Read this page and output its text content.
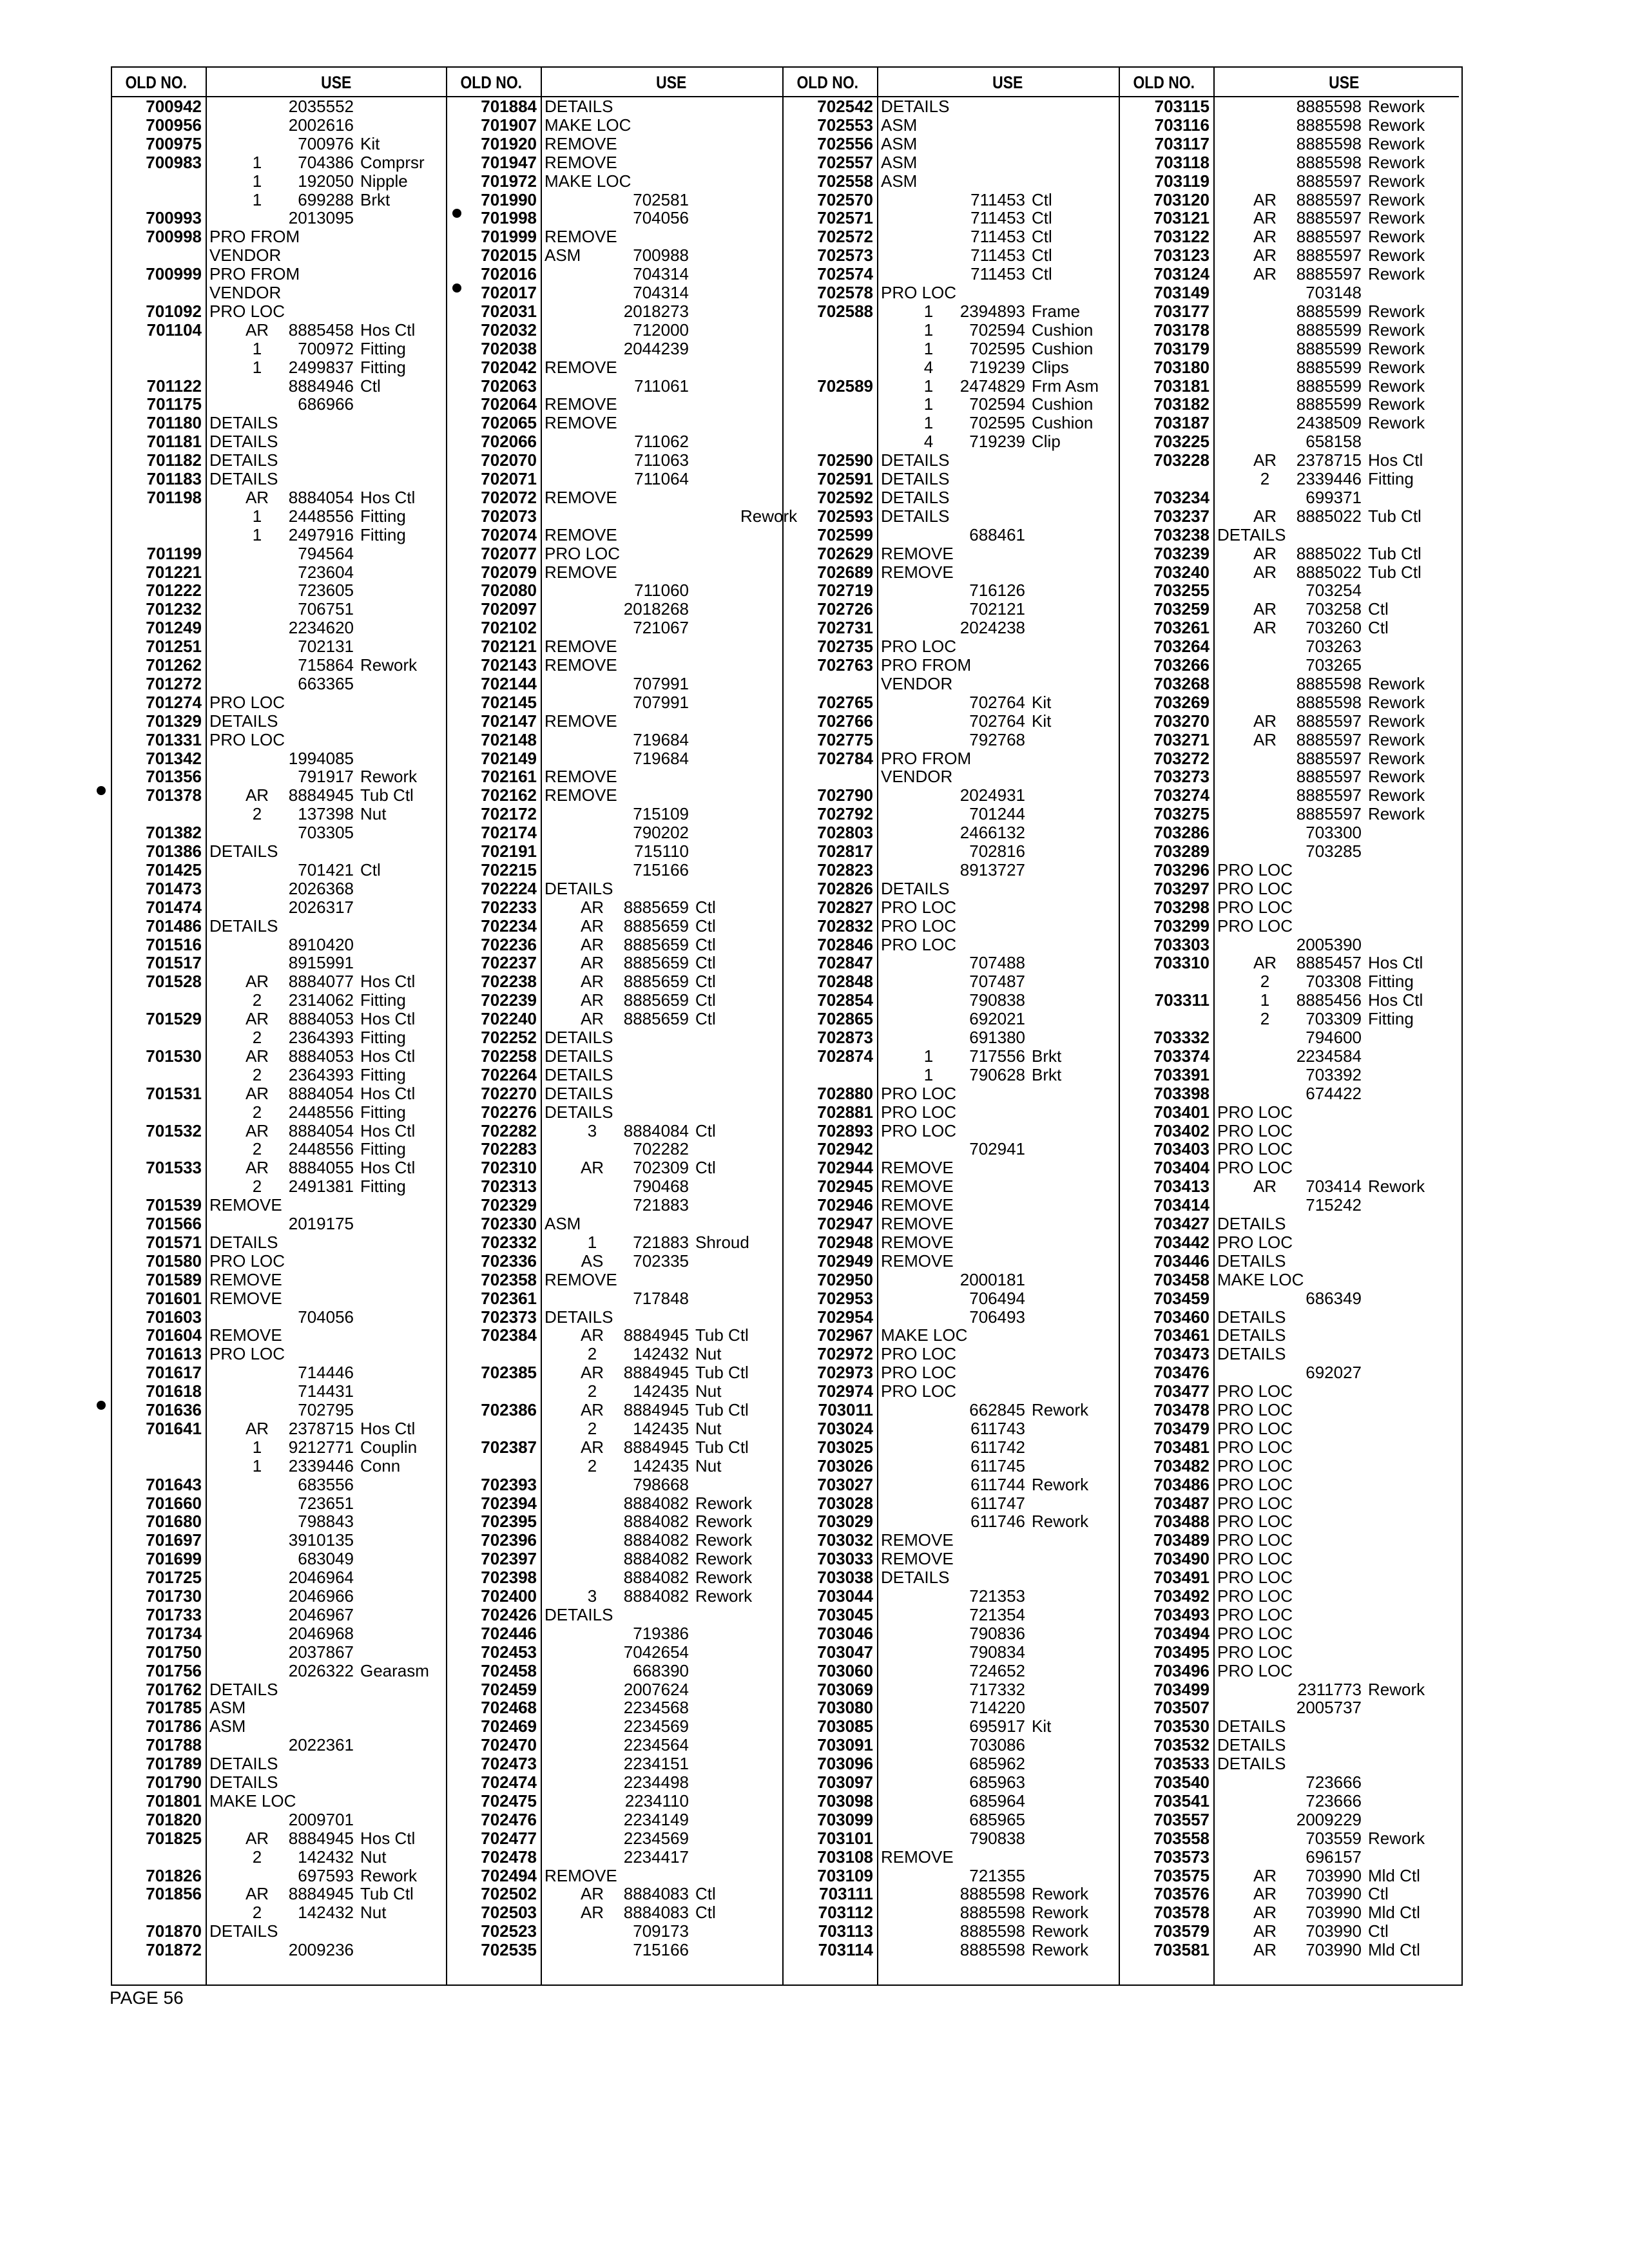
OLD NO.	USE
700942	2035552
700956	2002616
700975	700976 Kit
700983	1	704386 Comprsr
1	192050 Nipple
1	699288 Brkt
700993	2013095
700998 PRO FROM
VENDOR
700999 PRO FROM
VENDOR
701092 PRO LOC
701104	AR	8885458 Hos Ctl
1	700972 Fitting
1	2499837 Fitting
701122	8884946 Ctl
701175	686966
701180 DETAILS
701181 DETAILS
701182 DETAILS
701183 DETAILS
701198	AR	8884054 Hos Ctl
1	2448556 Fitting
1	2497916 Fitting
701199	794564
701221	723604
701222	723605
701232	706751
701249	2234620
701251	702131
701262	715864 Rework
701272	663365
701274 PRO LOC
701329 DETAILS
701331 PRO LOC
701342	1994085
701356	791917 Rework
701378	AR	8884945 Tub Ctl
2	137398 Nut
701382	703305
701386 DETAILS
701425	701421 Ctl
701473	2026368
701474	2026317
701486 DETAILS
701516	8910420
701517	8915991
701528	AR	8884077 Hos Ctl
2	2314062 Fitting
701529	AR	8884053 Hos Ctl
2	2364393 Fitting
701530	AR	8884053 Hos Ctl
2	2364393 Fitting
701531	AR	8884054 Hos Ctl
2	2448556 Fitting
701532	AR	8884054 Hos Ctl
2	2448556 Fitting
701533	AR	8884055 Hos Ctl
2	2491381 Fitting
701539 REMOVE
701566	2019175
701571 DETAILS
701580 PRO LOC
701589 REMOVE
701601 REMOVE
701603	704056
701604 REMOVE
701613 PRO LOC
701617	714446
701618	714431
701636	702795
701641	AR	2378715 Hos Ctl
1	9212771 Couplin
1	2339446 Conn
701643	683556
701660	723651
701680	798843
701697	3910135
701699	683049
701725	2046964
701730	2046966
701733	2046967
701734	2046968
701750	2037867
701756	2026322 Gearasm
701762 DETAILS
701785 ASM
701786 ASM
701788	2022361
701789 DETAILS
701790 DETAILS
701801 MAKE LOC
701820	2009701
701825	AR	8884945 Hos Ctl
2	142432 Nut
701826	697593 Rework
701856	AR	8884945 Tub Ctl
2	142432 Nut
701870 DETAILS
701872	2009236
OLD NO.	USE
701884 DETAILS
701907 MAKE LOC
701920 REMOVE
701947 REMOVE
701972 MAKE LOC
701990	702581
701998	704056
701999 REMOVE
702015 ASM	700988
702016	704314
702017	704314
702031	2018273
702032	712000
702038	2044239
702042 REMOVE
702063	711061
702064 REMOVE
702065 REMOVE
702066	711062
702070	711063
702071	711064
702072 REMOVE
702073	Rework
702074 REMOVE
702077 PRO LOC
702079 REMOVE
702080	711060
702097	2018268
702102	721067
702121 REMOVE
702143 REMOVE
702144	707991
702145	707991
702147 REMOVE
702148	719684
702149	719684
702161 REMOVE
702162 REMOVE
702172	715109
702174	790202
702191	715110
702215	715166
702224 DETAILS
702233	AR	8885659 Ctl
702234	AR	8885659 Ctl
702236	AR	8885659 Ctl
702237	AR	8885659 Ctl
702238	AR	8885659 Ctl
702239	AR	8885659 Ctl
702240	AR	8885659 Ctl
702252 DETAILS
702258 DETAILS
702264 DETAILS
702270 DETAILS
702276 DETAILS
702282	3	8884084 Ctl
702283	702282
702310	AR	702309 Ctl
702313	790468
702329	721883
702330 ASM
702332	1	721883 Shroud
702336	AS	702335
702358 REMOVE
702361	717848
702373 DETAILS
702384	AR	8884945 Tub Ctl
2	142432 Nut
702385	AR	8884945 Tub Ctl
2	142435 Nut
702386	AR	8884945 Tub Ctl
2	142435 Nut
702387	AR	8884945 Tub Ctl
2	142435 Nut
702393	798668
702394	8884082 Rework
702395	8884082 Rework
702396	8884082 Rework
702397	8884082 Rework
702398	8884082 Rework
702400	3	8884082 Rework
702426 DETAILS
702446	719386
702453	7042654
702458	668390
702459	2007624
702468	2234568
702469	2234569
702470	2234564
702473	2234151
702474	2234498
702475	2234110
702476	2234149
702477	2234569
702478	2234417
702494 REMOVE
702502	AR	8884083 Ctl
702503	AR	8884083 Ctl
702523	709173
702535	715166
OLD NO.	USE
702542 DETAILS
702553 ASM
702556 ASM
702557 ASM
702558 ASM
702570	711453 Ctl
702571	711453 Ctl
702572	711453 Ctl
702573	711453 Ctl
702574	711453 Ctl
702578 PRO LOC
702588	1	2394893 Frame
1	702594 Cushion
1	702595 Cushion
4	719239 Clips
702589	1	2474829 Frm Asm
1	702594 Cushion
1	702595 Cushion
4	719239 Clip
702590 DETAILS
702591 DETAILS
702592 DETAILS
702593 DETAILS
702599	688461
702629 REMOVE
702689 REMOVE
702719	716126
702726	702121
702731	2024238
702735 PRO LOC
702763 PRO FROM
VENDOR
702765	702764 Kit
702766	702764 Kit
702775	792768
702784 PRO FROM
VENDOR
702790	2024931
702792	701244
702803	2466132
702817	702816
702823	8913727
702826 DETAILS
702827 PRO LOC
702832 PRO LOC
702846 PRO LOC
702847	707488
702848	707487
702854	790838
702865	692021
702873	691380
702874	1	717556 Brkt
1	790628 Brkt
702880 PRO LOC
702881 PRO LOC
702893 PRO LOC
702942	702941
702944 REMOVE
702945 REMOVE
702946 REMOVE
702947 REMOVE
702948 REMOVE
702949 REMOVE
702950	2000181
702953	706494
702954	706493
702967 MAKE LOC
702972 PRO LOC
702973 PRO LOC
702974 PRO LOC
703011	662845 Rework
703024	611743
703025	611742
703026	611745
703027	611744 Rework
703028	611747
703029	611746 Rework
703032 REMOVE
703033 REMOVE
703038 DETAILS
703044	721353
703045	721354
703046	790836
703047	790834
703060	724652
703069	717332
703080	714220
703085	695917 Kit
703091	703086
703096	685962
703097	685963
703098	685964
703099	685965
703101	790838
703108 REMOVE
703109	721355
703111	8885598 Rework
703112	8885598 Rework
703113	8885598 Rework
703114	8885598 Rework
OLD NO.	USE
703115	8885598 Rework
703116	8885598 Rework
703117	8885598 Rework
703118	8885598 Rework
703119	8885597 Rework
703120	AR	8885597 Rework
703121	AR	8885597 Rework
703122	AR	8885597 Rework
703123	AR	8885597 Rework
703124	AR	8885597 Rework
703149	703148
703177	8885599 Rework
703178	8885599 Rework
703179	8885599 Rework
703180	8885599 Rework
703181	8885599 Rework
703182	8885599 Rework
703187	2438509 Rework
703225	658158
703228	AR	2378715 Hos Ctl
2	2339446 Fitting
703234	699371
703237	AR	8885022 Tub Ctl
703238 DETAILS
703239	AR	8885022 Tub Ctl
703240	AR	8885022 Tub Ctl
703255	703254
703259	AR	703258 Ctl
703261	AR	703260 Ctl
703264	703263
703266	703265
703268	8885598 Rework
703269	8885598 Rework
703270	AR	8885597 Rework
703271	AR	8885597 Rework
703272	8885597 Rework
703273	8885597 Rework
703274	8885597 Rework
703275	8885597 Rework
703286	703300
703289	703285
703296 PRO LOC
703297 PRO LOC
703298 PRO LOC
703299 PRO LOC
703303	2005390
703310	AR	8885457 Hos Ctl
2	703308 Fitting
703311	1	8885456 Hos Ctl
2	703309 Fitting
703332	794600
703374	2234584
703391	703392
703398	674422
703401 PRO LOC
703402 PRO LOC
703403 PRO LOC
703404 PRO LOC
703413	AR	703414 Rework
703414	715242
703427 DETAILS
703442 PRO LOC
703446 DETAILS
703458 MAKE LOC
703459	686349
703460 DETAILS
703461 DETAILS
703473 DETAILS
703476	692027
703477 PRO LOC
703478 PRO LOC
703479 PRO LOC
703481 PRO LOC
703482 PRO LOC
703486 PRO LOC
703487 PRO LOC
703488 PRO LOC
703489 PRO LOC
703490 PRO LOC
703491 PRO LOC
703492 PRO LOC
703493 PRO LOC
703494 PRO LOC
703495 PRO LOC
703496 PRO LOC
703499	2311773 Rework
703507	2005737
703530 DETAILS
703532 DETAILS
703533 DETAILS
703540	723666
703541	723666
703557	2009229
703558	703559 Rework
703573	696157
703575	AR	703990 Mld Ctl
703576	AR	703990 Ctl
703578	AR	703990 Mld Ctl
703579	AR	703990 Ctl
703581	AR	703990 Mld Ctl
PAGE 56
